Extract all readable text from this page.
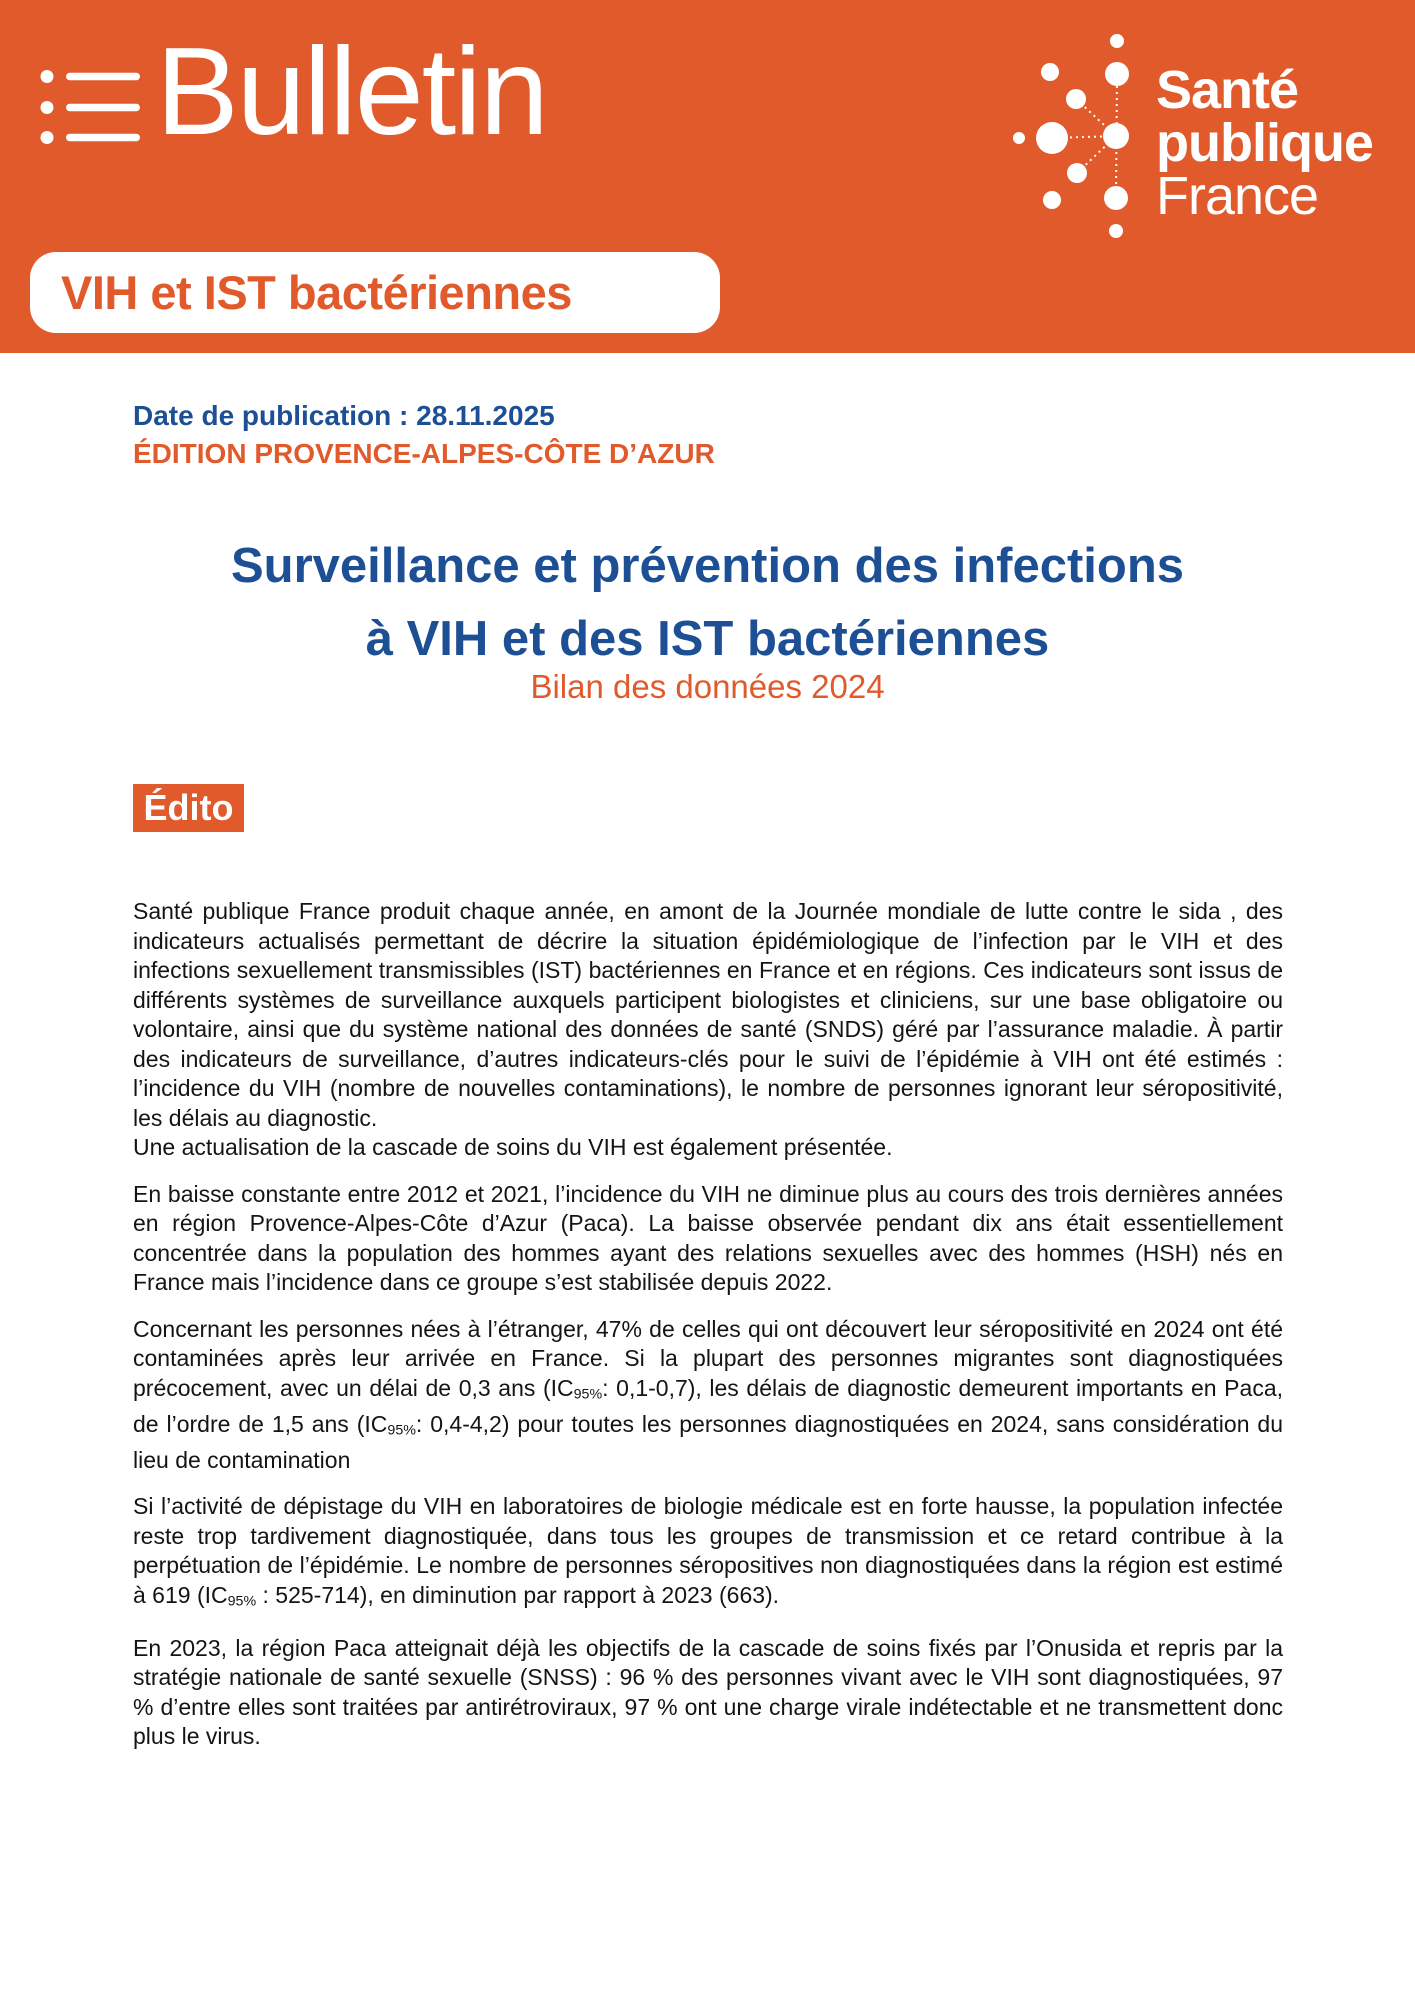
Bulletin	Santé
publique
France
VIH et IST bactériennes

Date de publication : 28.11.2025

ÉDITION PROVENCE-ALPES-CÔTE D’AZUR

Surveillance et prévention des infections
à VIH et des IST bactériennes

Bilan des données 2024

Édito

Santé publique France produit chaque année, en amont de la Journée mondiale de lutte contre le sida , des indicateurs actualisés permettant de décrire la situation épidémiologique de l’infection par le VIH et des infections sexuellement transmissibles (IST) bactériennes en France et en régions. Ces indicateurs sont issus de différents systèmes de surveillance auxquels participent biologistes et cliniciens, sur une base obligatoire ou volontaire, ainsi que du système national des données de santé (SNDS) géré par l’assurance maladie. À partir des indicateurs de surveillance, d’autres indicateurs-clés pour le suivi de l’épidémie à VIH ont été estimés : l’incidence du VIH (nombre de nouvelles contaminations), le nombre de personnes ignorant leur séropositivité, les délais au diagnostic.

Une actualisation de la cascade de soins du VIH est également présentée.

En baisse constante entre 2012 et 2021, l’incidence du VIH ne diminue plus au cours des trois dernières années en région Provence-Alpes-Côte d’Azur (Paca). La baisse observée pendant dix ans était essentiellement concentrée dans la population des hommes ayant des relations sexuelles avec des hommes (HSH) nés en France mais l’incidence dans ce groupe s’est stabilisée depuis 2022.

Concernant les personnes nées à l’étranger, 47% de celles qui ont découvert leur séropositivité en 2024 ont été contaminées après leur arrivée en France. Si la plupart des personnes migrantes sont diagnostiquées précocement, avec un délai de 0,3 ans (IC95%: 0,1-0,7), les délais de diagnostic demeurent importants en Paca, de l’ordre de 1,5 ans (IC95%: 0,4-4,2) pour toutes les personnes diagnostiquées en 2024, sans considération du lieu de contamination

Si l’activité de dépistage du VIH en laboratoires de biologie médicale est en forte hausse, la population infectée reste trop tardivement diagnostiquée, dans tous les groupes de transmission et ce retard contribue à la perpétuation de l’épidémie. Le nombre de personnes séropositives non diagnostiquées dans la région est estimé à 619 (IC95% : 525-714), en diminution par rapport à 2023 (663).

En 2023, la région Paca atteignait déjà les objectifs de la cascade de soins fixés par l’Onusida et repris par la stratégie nationale de santé sexuelle (SNSS) : 96 % des personnes vivant avec le VIH sont diagnostiquées, 97 % d’entre elles sont traitées par antirétroviraux, 97 % ont une charge virale indétectable et ne transmettent donc plus le virus.
